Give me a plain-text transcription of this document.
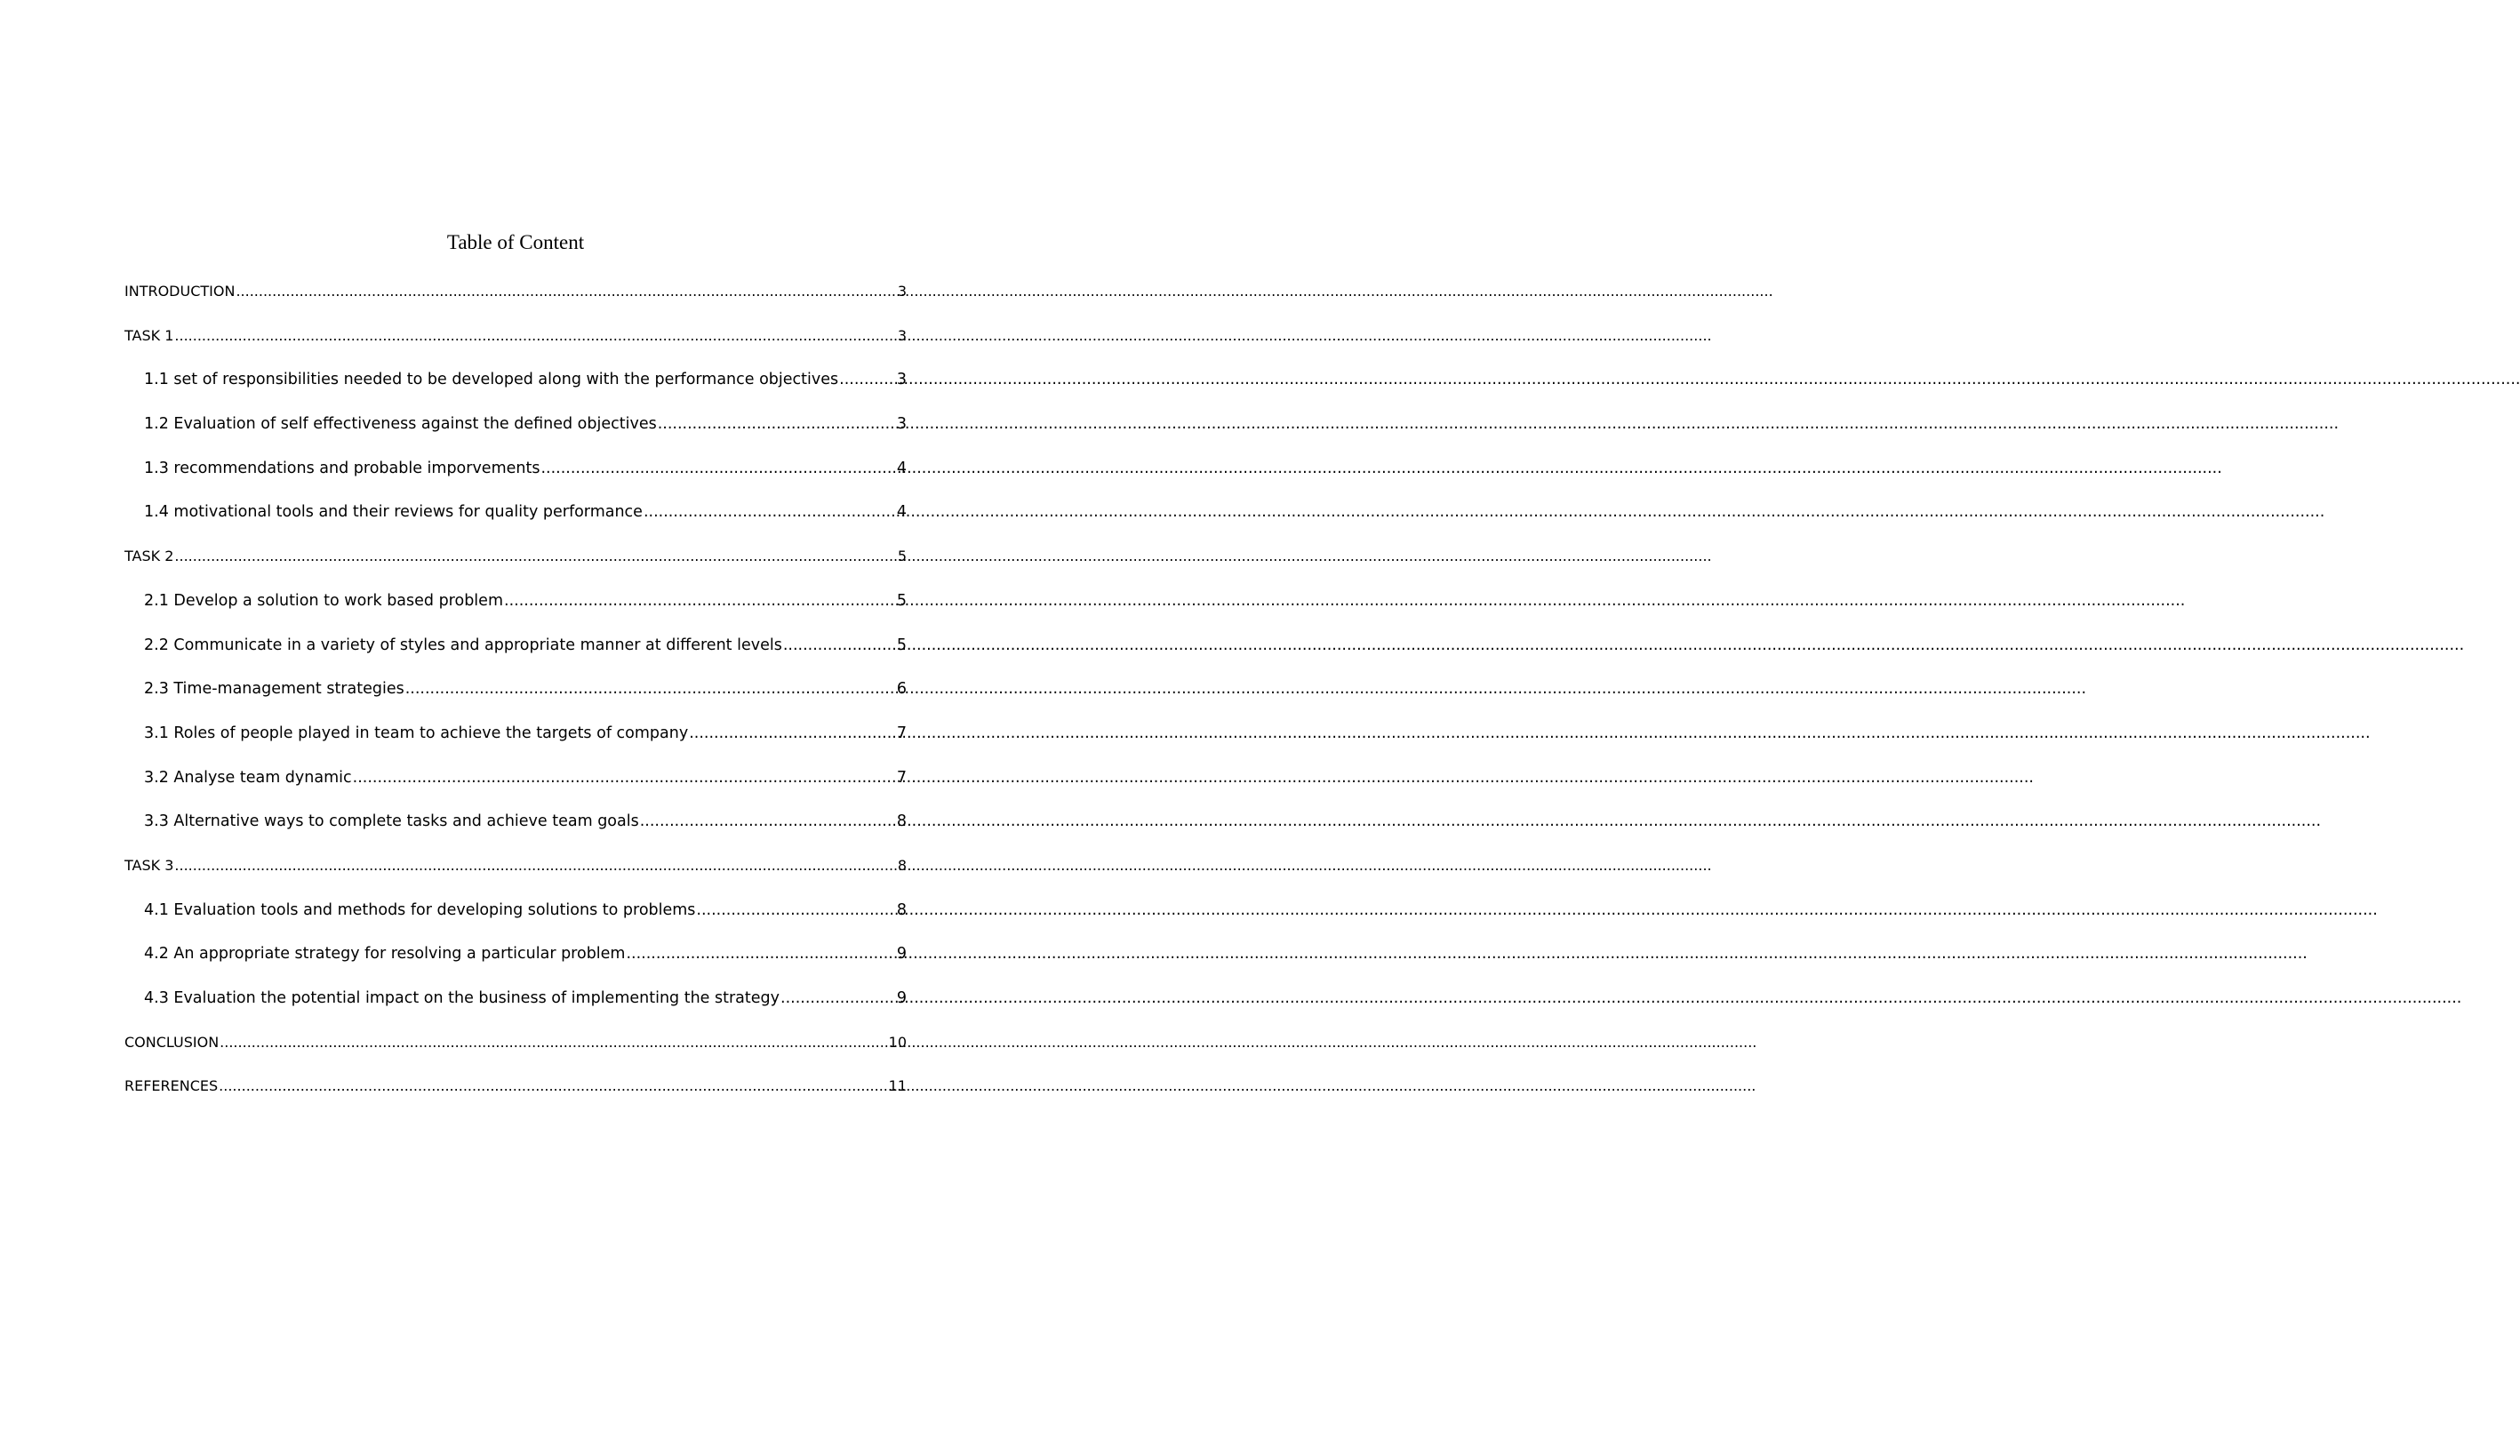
Table of Content
INTRODUCTION .....	3
TASK 1 .....	3
1.1 set of responsibilities needed to be developed along with the performance objectives .....	3
1.2 Evaluation of self effectiveness against the defined objectives .....	3
1.3 recommendations and probable imporvements .....	4
1.4 motivational tools and their reviews for quality performance .....	4
TASK 2 .....	5
2.1 Develop a solution to work based problem .....	5
2.2 Communicate in a variety of styles and appropriate manner at different levels .....	5
2.3 Time-management strategies .....	6
3.1 Roles of people played in team to achieve the targets of company .....	7
3.2 Analyse team dynamic .....	7
3.3 Alternative ways to complete tasks and achieve team goals .....	8
TASK 3 .....	8
4.1 Evaluation tools and methods for developing solutions to problems .....	8
4.2 An appropriate strategy for resolving a particular problem .....	9
4.3 Evaluation the potential impact on the business of implementing the strategy .....	9
CONCLUSION .....	10
REFERENCES .....	11
